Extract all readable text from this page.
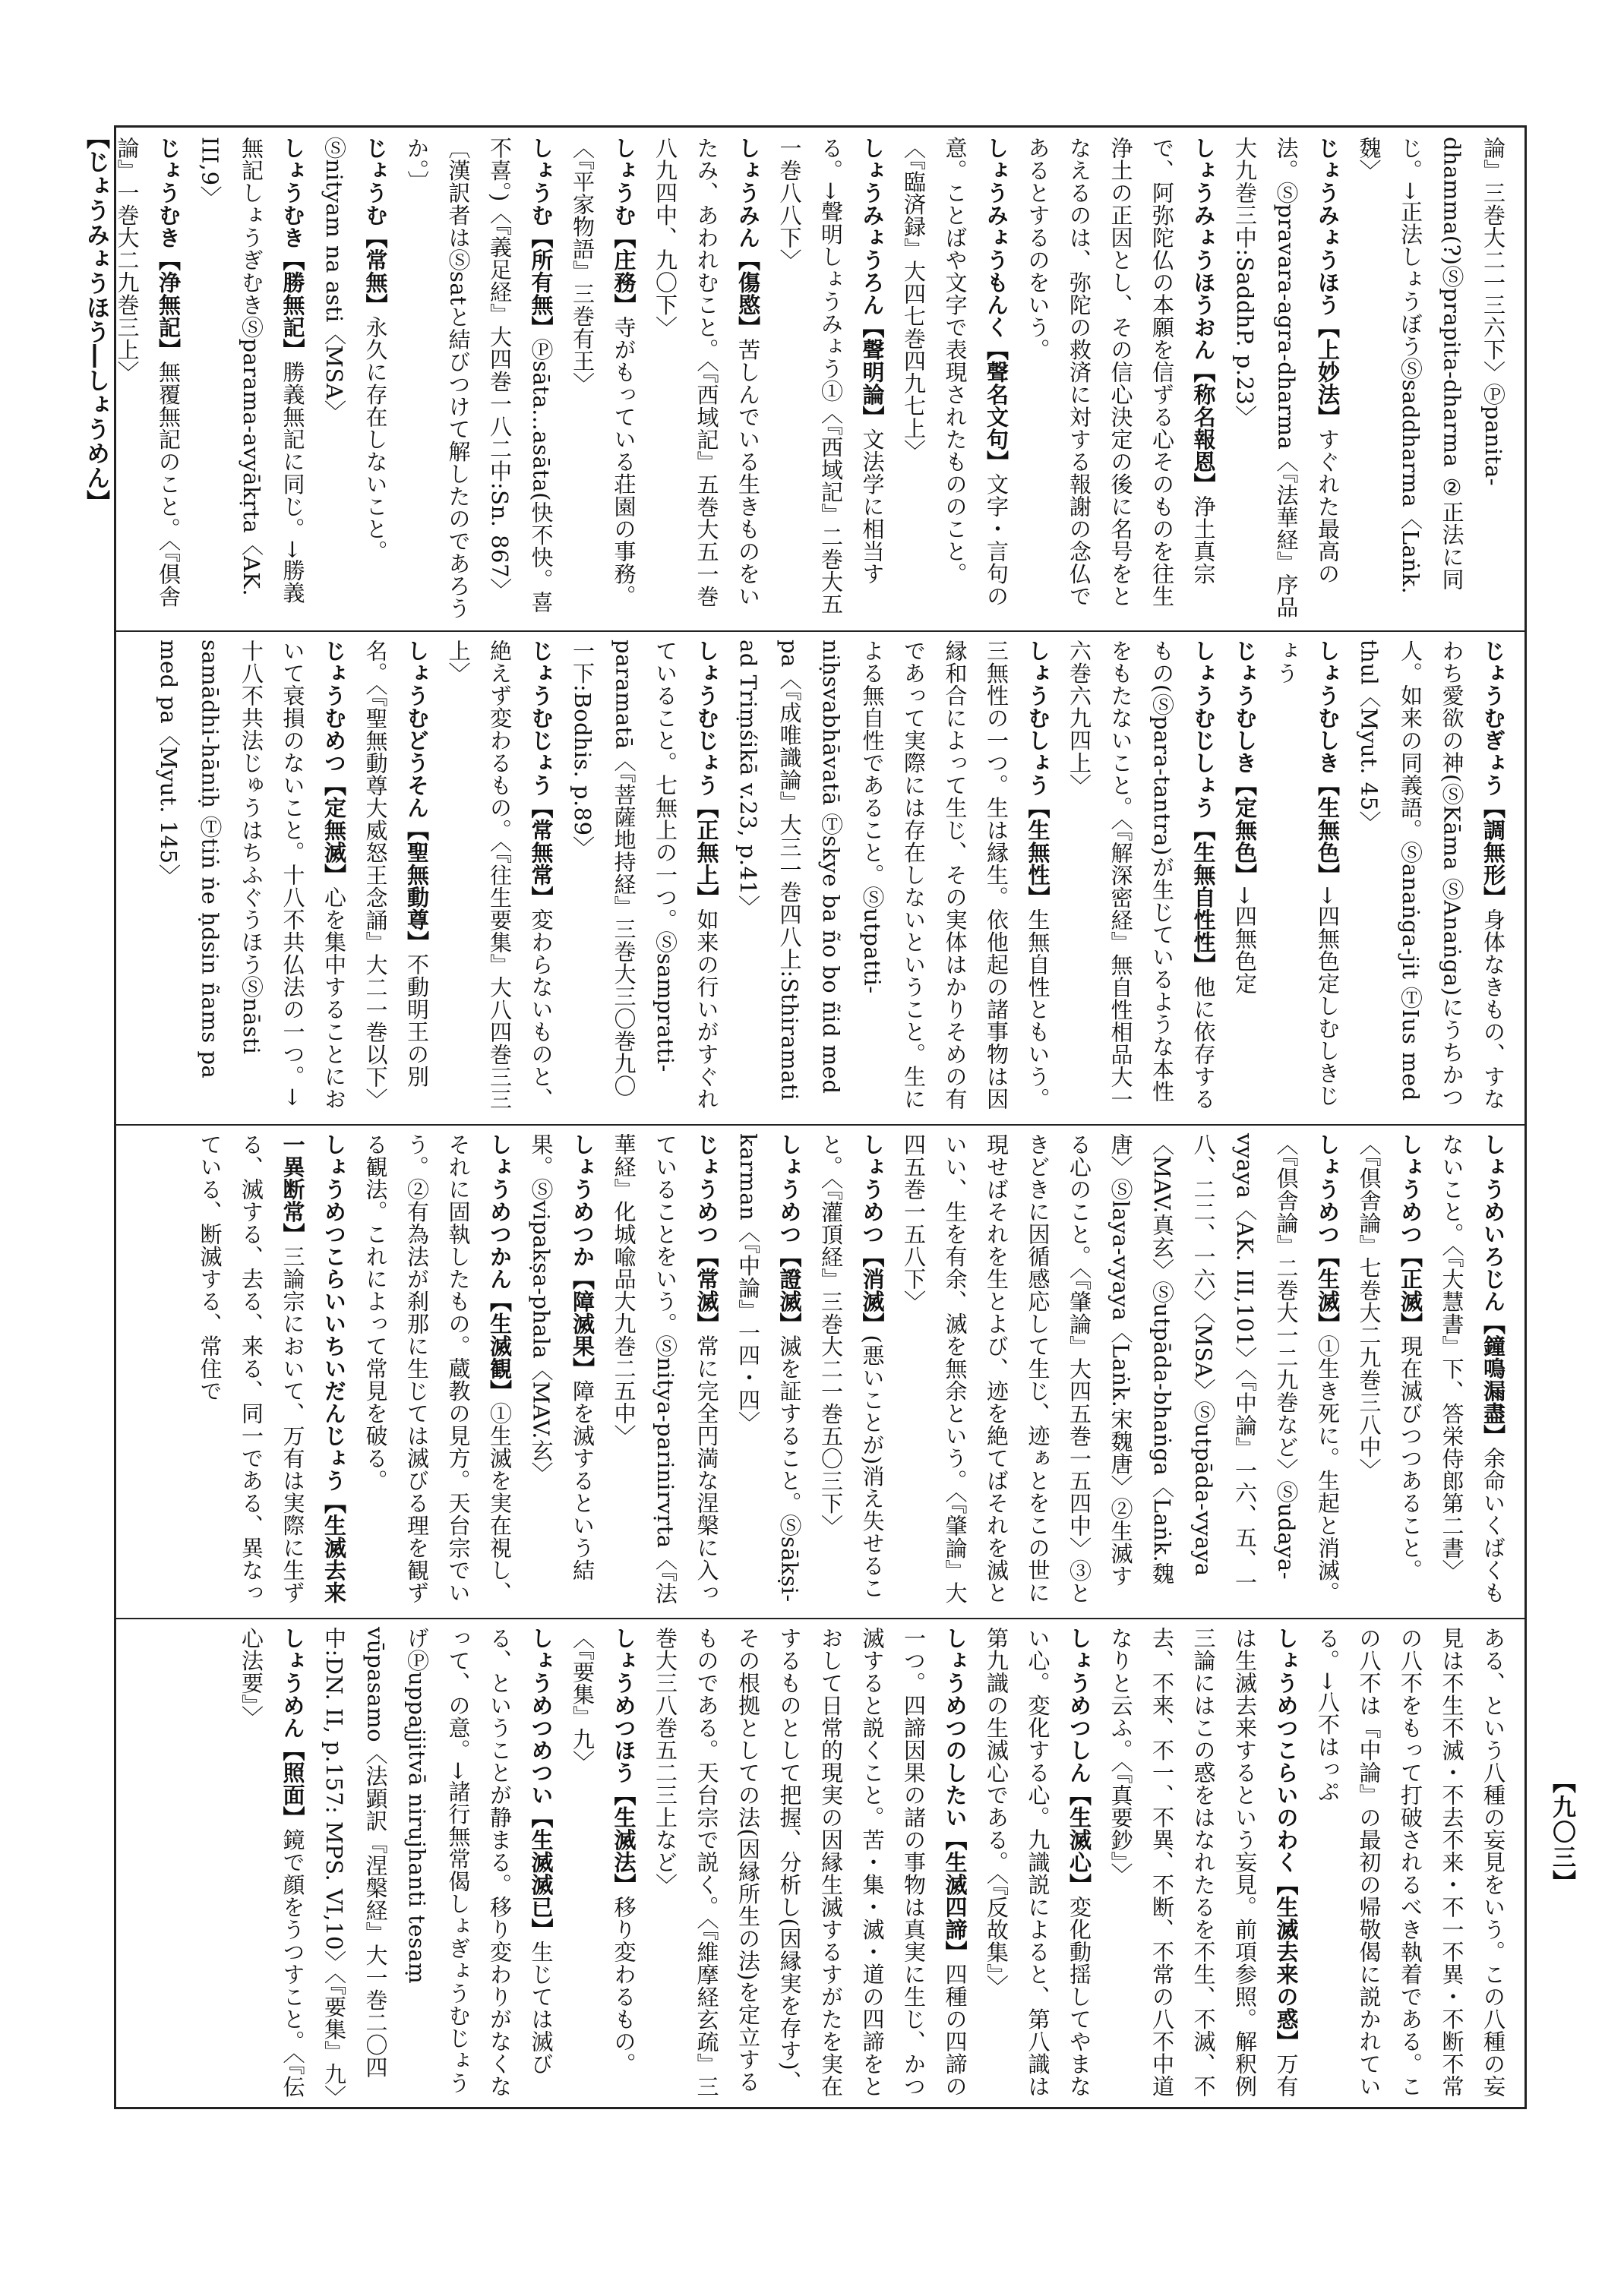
【じょうみょうほう―しょうめん】
【九〇三】
論』三巻大二一三六下〉Ⓟpanita-dhamma(?)Ⓢprapita-dharma ②正法に同じ。→正法しょうぼうⓈsaddharma〈Laṅk.魏〉
じょうみょうほう【上妙法】すぐれた最高の法。Ⓢpravara-agra-dharma〈『法華経』序品大九巻三中:SaddhP. p.23〉
しょうみょうほうおん【称名報恩】浄土真宗で、阿弥陀仏の本願を信ずる心そのものを往生浄土の正因とし、その信心決定の後に名号をとなえるのは、弥陀の救済に対する報謝の念仏であるとするのをいう。
しょうみょうもんく【聲名文句】文字・言句の意。ことばや文字で表現されたもののこと。〈『臨済録』大四七巻四九七上〉
しょうみょうろん【聲明論】文法学に相当する。→聲明しょうみょう①〈『西域記』二巻大五一巻八八下〉
しょうみん【傷愍】苦しんでいる生きものをいたみ、あわれむこと。〈『西域記』五巻大五一巻八九四中、九〇下〉
しょうむ【庄務】寺がもっている荘園の事務。〈『平家物語』三巻有王〉
しょうむ【所有無】Ⓟsāta...asāta(快不快。喜不喜。)〈『義足経』大四巻一八二中:Sn. 867〉〔漢訳者はⓈsatと結びつけて解したのであろうか。〕
じょうむ【常無】永久に存在しないこと。Ⓢnityam na asti〈MSA〉
しょうむき【勝無記】勝義無記に同じ。→勝義無記しょうぎむきⓈparama-avyākṛta〈AK. III,9〉
じょうむき【浄無記】無覆無記のこと。〈『倶舎論』一巻大二九巻三上〉
じょうむぎょう【調無形】身体なきもの、すなわち愛欲の神(ⓈKāma ⓈAnaṅga)にうちかつ人。如来の同義語。Ⓢanaṅga-jit ⓉIus med thul〈Myut. 45〉
しょうむしき【生無色】→四無色定しむしきじょう
じょうむしき【定無色】→四無色定
しょうむじしょう【生無自性性】他に依存するもの(Ⓢpara-tantra)が生じているような本性をもたないこと。〈『解深密経』無自性相品大一六巻六九四上〉
しょうむしょう【生無性】生無自性ともいう。三無性の一つ。生は縁生。依他起の諸事物は因縁和合によって生じ、その実体はかりそめの有であって実際には存在しないということ。生による無自性であること。Ⓢutpatti-niḥsvabhāvatā Ⓣskye ba ño bo ñid med pa〈『成唯識論』大三一巻四八上:Sthiramati ad Triṃśikā v.23, p.41〉
しょうむじょう【正無上】如来の行いがすぐれていること。七無上の一つ。Ⓢsampratti-paramatā〈『菩薩地持経』三巻大三〇巻九〇一下:Bodhis. p.89〉
じょうむじょう【常無常】変わらないものと、絶えず変わるもの。〈『往生要集』大八四巻三三上〉
しょうむどうそん【聖無動尊】不動明王の別名。〈『聖無動尊大威怒王念誦』大二一巻以下〉
じょうむめつ【定無滅】心を集中することにおいて衰損のないこと。十八不共仏法の一つ。→十八不共法じゅうはちふぐうほうⓈnāsti samādhi-hāniḥ Ⓣtiṅ ṅe ḥdsin ñams pa med pa〈Myut. 145〉
しょうめいろじん【鐘鳴漏盡】余命いくばくもないこと。〈『大慧書』下、答栄侍郎第二書〉
しょうめつ【正滅】現在滅びつつあること。〈『倶舎論』七巻大二九巻三八中〉
しょうめつ【生滅】①生き死に。生起と消滅。〈『倶舎論』二巻大一二九巻など〉Ⓢudaya-vyaya〈AK. III,101〉〈『中論』一六、五、一八、二二、一六〉〈MSA〉Ⓢutpāda-vyaya〈MAV.真玄〉Ⓢutpāda-bhaṅga〈Laṅk.魏唐〉Ⓢlaya-vyaya〈Laṅk.宋魏唐〉②生滅する心のこと。〈『肇論』大四五巻一五四中〉③ときどきに因循感応して生じ、迹ぁとをこの世に現せばそれを生とよび、迹を絶てばそれを滅といい、生を有余、滅を無余という。〈『肇論』大四五巻一五八下〉
しょうめつ【消滅】(悪いことが)消え失せること。〈『灌頂経』三巻大二一巻五〇三下〉
しょうめつ【證滅】滅を証すること。Ⓢsākṣi-karman〈『中論』一四・四〉
じょうめつ【常滅】常に完全円満な涅槃に入っていることをいう。Ⓢnitya-parinirvṛta〈『法華経』化城喩品大九巻二五中〉
しょうめつか【障滅果】障を滅するという結果。Ⓢvipakṣa-phala〈MAV.玄〉
しょうめつかん【生滅観】①生滅を実在視し、それに固執したもの。蔵教の見方。天台宗でいう。②有為法が刹那に生じては滅びる理を観ずる観法。これによって常見を破る。
しょうめつこらいいちいだんじょう【生滅去来一異断常】三論宗において、万有は実際に生ずる、滅する、去る、来る、同一である、異なっている、断滅する、常住で
ある、という八種の妄見をいう。この八種の妄見は不生不滅・不去不来・不一不異・不断不常の八不をもって打破されるべき執着である。この八不は『中論』の最初の帰敬偈に説かれている。→八不はっぷ
しょうめつこらいのわく【生滅去来の惑】万有は生滅去来するという妄見。前項参照。解釈例三論にはこの惑をはなれたるを不生、不滅、不去、不来、不一、不異、不断、不常の八不中道なりと云ふ。〈『真要鈔』〉
しょうめつしん【生滅心】変化動揺してやまない心。変化する心。九識説によると、第八識は第九識の生滅心である。〈『反故集』〉
しょうめつのしたい【生滅四諦】四種の四諦の一つ。四諦因果の諸の事物は真実に生じ、かつ滅すると説くこと。苦・集・滅・道の四諦をとおして日常的現実の因縁生滅するすがたを実在するものとして把握、分析し(因縁実を存す)、その根拠としての法(因縁所生の法)を定立するものである。天台宗で説く。〈『維摩経玄疏』三巻大三八巻五二三上など〉
しょうめつほう【生滅法】移り変わるもの。〈『要集』九〉
しょうめつめつい【生滅滅已】生じては滅びる、ということが静まる。移り変わりがなくなって、の意。→諸行無常偈しょぎょうむじょうげⓅuppajjitvā nirujhanti tesaṃ vūpasamo〈法顕訳『涅槃経』大一巻二〇四中:DN. II, p.157: MPS. VI,10〉〈『要集』九〉
しょうめん【照面】鏡で顔をうつすこと。〈『伝心法要』〉
